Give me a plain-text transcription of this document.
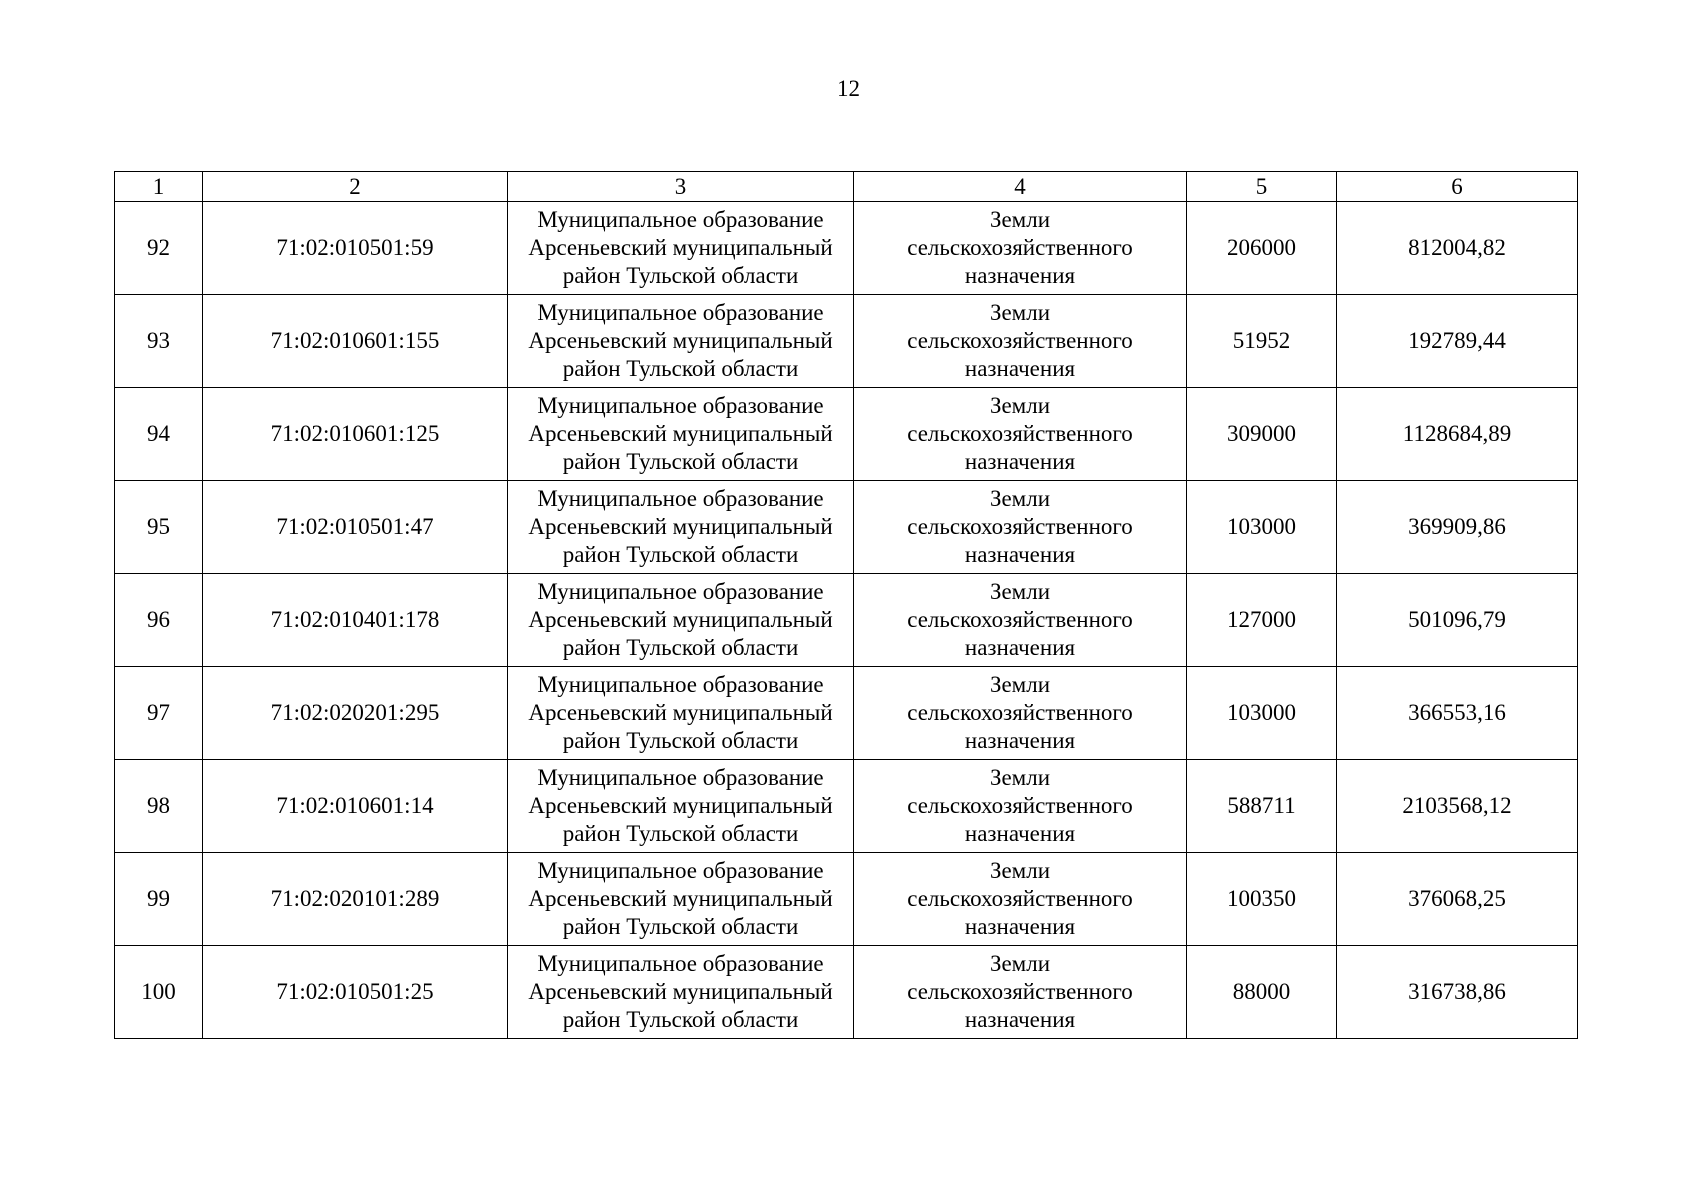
12
1	2	3	4	5	6
92	71:02:010501:59	Муниципальное образование
Арсеньевский муниципальный
район Тульской области	Земли
сельскохозяйственного
назначения	206000	812004,82
93	71:02:010601:155	Муниципальное образование
Арсеньевский муниципальный
район Тульской области	Земли
сельскохозяйственного
назначения	51952	192789,44
94	71:02:010601:125	Муниципальное образование
Арсеньевский муниципальный
район Тульской области	Земли
сельскохозяйственного
назначения	309000	1128684,89
95	71:02:010501:47	Муниципальное образование
Арсеньевский муниципальный
район Тульской области	Земли
сельскохозяйственного
назначения	103000	369909,86
96	71:02:010401:178	Муниципальное образование
Арсеньевский муниципальный
район Тульской области	Земли
сельскохозяйственного
назначения	127000	501096,79
97	71:02:020201:295	Муниципальное образование
Арсеньевский муниципальный
район Тульской области	Земли
сельскохозяйственного
назначения	103000	366553,16
98	71:02:010601:14	Муниципальное образование
Арсеньевский муниципальный
район Тульской области	Земли
сельскохозяйственного
назначения	588711	2103568,12
99	71:02:020101:289	Муниципальное образование
Арсеньевский муниципальный
район Тульской области	Земли
сельскохозяйственного
назначения	100350	376068,25
100	71:02:010501:25	Муниципальное образование
Арсеньевский муниципальный
район Тульской области	Земли
сельскохозяйственного
назначения	88000	316738,86
